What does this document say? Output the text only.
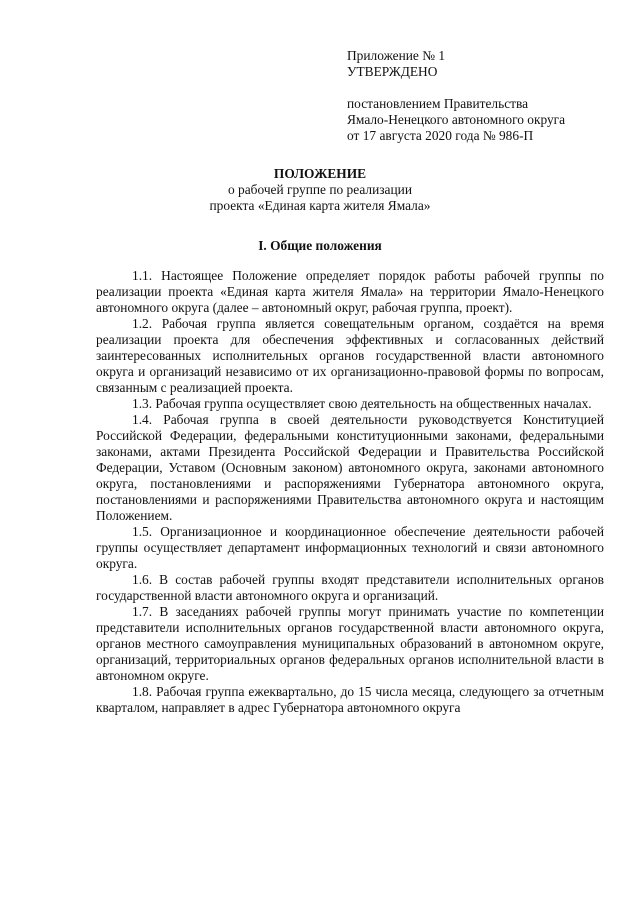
Приложение № 1
УТВЕРЖДЕНО
постановлением Правительства
Ямало-Ненецкого автономного округа
от 17 августа 2020 года № 986-П
ПОЛОЖЕНИЕ
о рабочей группе по реализации
проекта «Единая карта жителя Ямала»
I. Общие положения

1.1. Настоящее Положение определяет порядок работы рабочей группы по реализации проекта «Единая карта жителя Ямала» на территории Ямало-Ненецкого автономного округа (далее – автономный округ, рабочая группа, проект).

1.2. Рабочая группа является совещательным органом, создаётся на время реализации проекта для обеспечения эффективных и согласованных действий заинтересованных исполнительных органов государственной власти автономного округа и организаций независимо от их организационно-правовой формы по вопросам, связанным с реализацией проекта.

1.3. Рабочая группа осуществляет свою деятельность на общественных началах.

1.4. Рабочая группа в своей деятельности руководствуется Конституцией Российской Федерации, федеральными конституционными законами, федеральными законами, актами Президента Российской Федерации и Правительства Российской Федерации, Уставом (Основным законом) автономного округа, законами автономного округа, постановлениями и распоряжениями Губернатора автономного округа, постановлениями и распоряжениями Правительства автономного округа и настоящим Положением.

1.5. Организационное и координационное обеспечение деятельности рабочей группы осуществляет департамент информационных технологий и связи автономного округа.

1.6. В состав рабочей группы входят представители исполнительных органов государственной власти автономного округа и организаций.

1.7. В заседаниях рабочей группы могут принимать участие по компетенции представители исполнительных органов государственной власти автономного округа, органов местного самоуправления муниципальных образований в автономном округе, организаций, территориальных органов федеральных органов исполнительной власти в автономном округе.

1.8. Рабочая группа ежеквартально, до 15 числа месяца, следующего за отчетным кварталом, направляет в адрес Губернатора автономного округа
